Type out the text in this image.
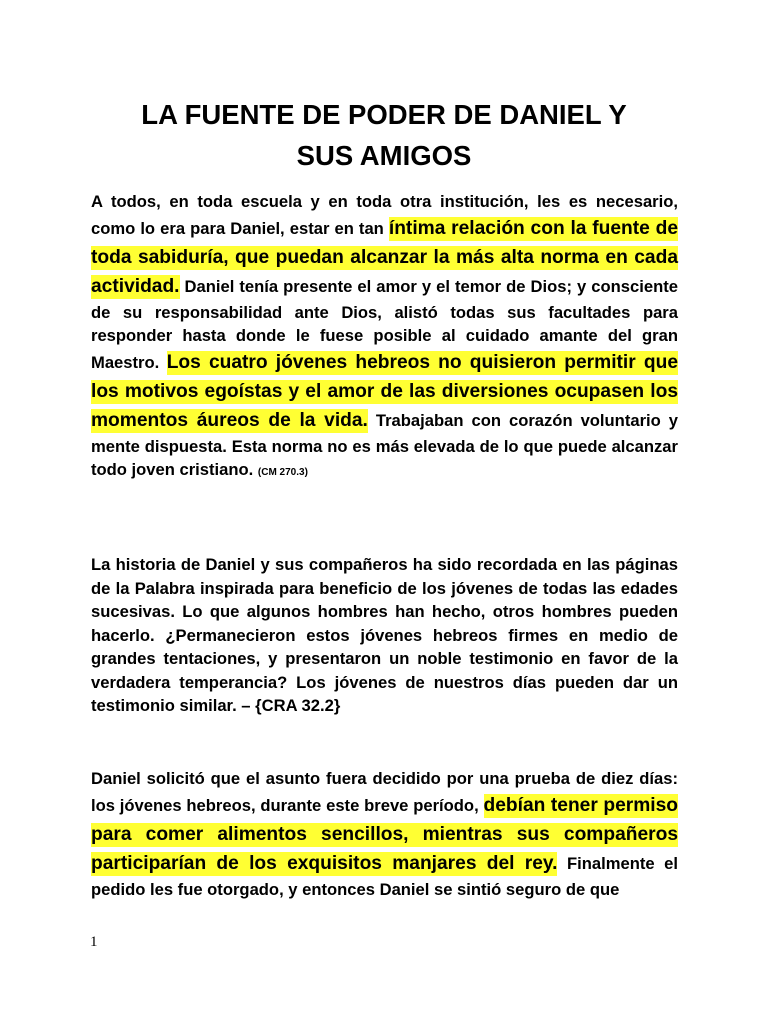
LA FUENTE DE PODER DE DANIEL Y
SUS AMIGOS

A todos, en toda escuela y en toda otra institución, les es necesario, como lo era para Daniel, estar en tan íntima relación con la fuente de toda sabiduría, que puedan alcanzar la más alta norma en cada actividad. Daniel tenía presente el amor y el temor de Dios; y consciente de su responsabilidad ante Dios, alistó todas sus facultades para responder hasta donde le fuese posible al cuidado amante del gran Maestro. Los cuatro jóvenes hebreos no quisieron permitir que los motivos egoístas y el amor de las diversiones ocupasen los momentos áureos de la vida. Trabajaban con corazón voluntario y mente dispuesta. Esta norma no es más elevada de lo que puede alcanzar todo joven cristiano. (CM 270.3)

La historia de Daniel y sus compañeros ha sido recordada en las páginas de la Palabra inspirada para beneficio de los jóvenes de todas las edades sucesivas. Lo que algunos hombres han hecho, otros hombres pueden hacerlo. ¿Permanecieron estos jóvenes hebreos firmes en medio de grandes tentaciones, y presentaron un noble testimonio en favor de la verdadera temperancia? Los jóvenes de nuestros días pueden dar un testimonio similar. – {CRA 32.2}

Daniel solicitó que el asunto fuera decidido por una prueba de diez días: los jóvenes hebreos, durante este breve período, debían tener permiso para comer alimentos sencillos, mientras sus compañeros participarían de los exquisitos manjares del rey. Finalmente el pedido les fue otorgado, y entonces Daniel se sintió seguro de que

1
